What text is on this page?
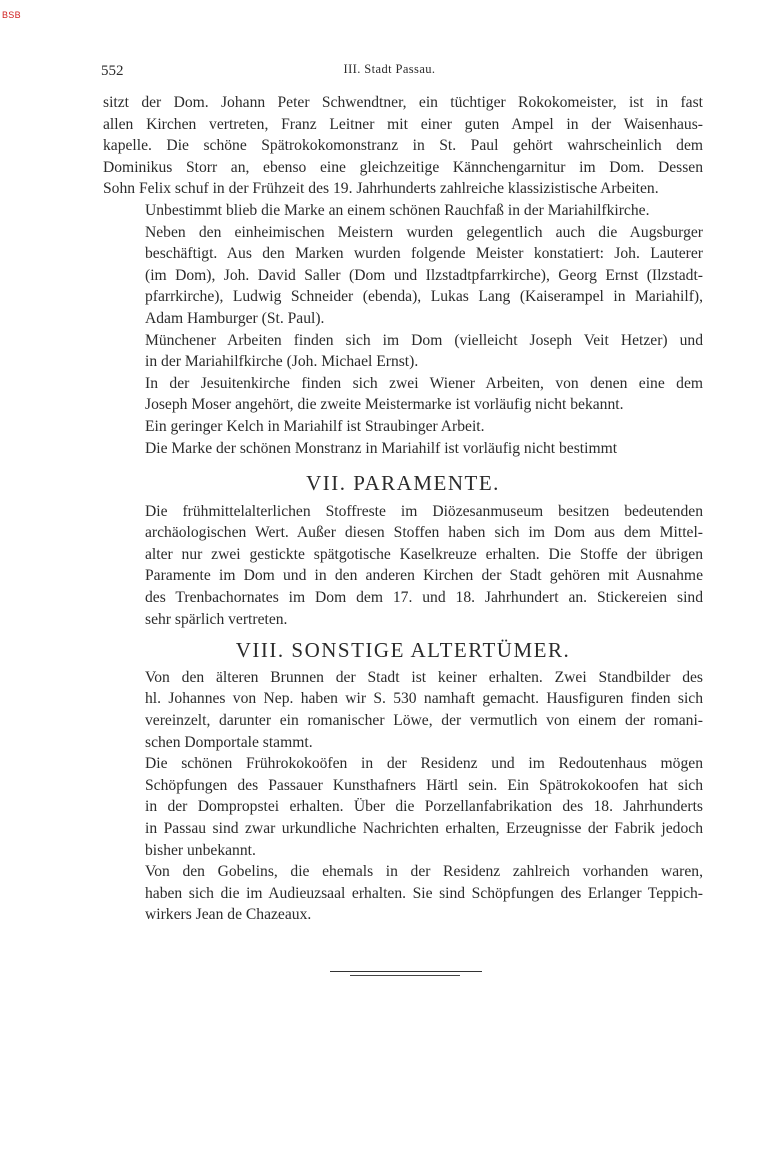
BSB
552	III. Stadt Passau.

sitzt der Dom. Johann Peter Schwendtner, ein tüchtiger Rokokomeister, ist in fast
allen Kirchen vertreten, Franz Leitner mit einer guten Ampel in der Waisenhaus-
kapelle. Die schöne Spätrokokomonstranz in St. Paul gehört wahrscheinlich dem
Dominikus Storr an, ebenso eine gleichzeitige Kännchengarnitur im Dom. Dessen
Sohn Felix schuf in der Frühzeit des 19. Jahrhunderts zahlreiche klassizistische Arbeiten.

Unbestimmt blieb die Marke an einem schönen Rauchfaß in der Mariahilfkirche.

Neben den einheimischen Meistern wurden gelegentlich auch die Augsburger
beschäftigt. Aus den Marken wurden folgende Meister konstatiert: Joh. Lauterer
(im Dom), Joh. David Saller (Dom und Ilzstadtpfarrkirche), Georg Ernst (Ilzstadt-
pfarrkirche), Ludwig Schneider (ebenda), Lukas Lang (Kaiserampel in Mariahilf),
Adam Hamburger (St. Paul).

Münchener Arbeiten finden sich im Dom (vielleicht Joseph Veit Hetzer) und
in der Mariahilfkirche (Joh. Michael Ernst).

In der Jesuitenkirche finden sich zwei Wiener Arbeiten, von denen eine dem
Joseph Moser angehört, die zweite Meistermarke ist vorläufig nicht bekannt.

Ein geringer Kelch in Mariahilf ist Straubinger Arbeit.

Die Marke der schönen Monstranz in Mariahilf ist vorläufig nicht bestimmt

VII. PARAMENTE.

Die frühmittelalterlichen Stoffreste im Diözesanmuseum besitzen bedeutenden
archäologischen Wert. Außer diesen Stoffen haben sich im Dom aus dem Mittel-
alter nur zwei gestickte spätgotische Kaselkreuze erhalten. Die Stoffe der übrigen
Paramente im Dom und in den anderen Kirchen der Stadt gehören mit Ausnahme
des Trenbachornates im Dom dem 17. und 18. Jahrhundert an. Stickereien sind
sehr spärlich vertreten.

VIII. SONSTIGE ALTERTÜMER.

Von den älteren Brunnen der Stadt ist keiner erhalten. Zwei Standbilder des
hl. Johannes von Nep. haben wir S. 530 namhaft gemacht. Hausfiguren finden sich
vereinzelt, darunter ein romanischer Löwe, der vermutlich von einem der romani-
schen Domportale stammt.

Die schönen Frührokokoöfen in der Residenz und im Redoutenhaus mögen
Schöpfungen des Passauer Kunsthafners Härtl sein. Ein Spätrokokoofen hat sich
in der Dompropstei erhalten. Über die Porzellanfabrikation des 18. Jahrhunderts
in Passau sind zwar urkundliche Nachrichten erhalten, Erzeugnisse der Fabrik jedoch
bisher unbekannt.

Von den Gobelins, die ehemals in der Residenz zahlreich vorhanden waren,
haben sich die im Audieuzsaal erhalten. Sie sind Schöpfungen des Erlanger Teppich-
wirkers Jean de Chazeaux.
